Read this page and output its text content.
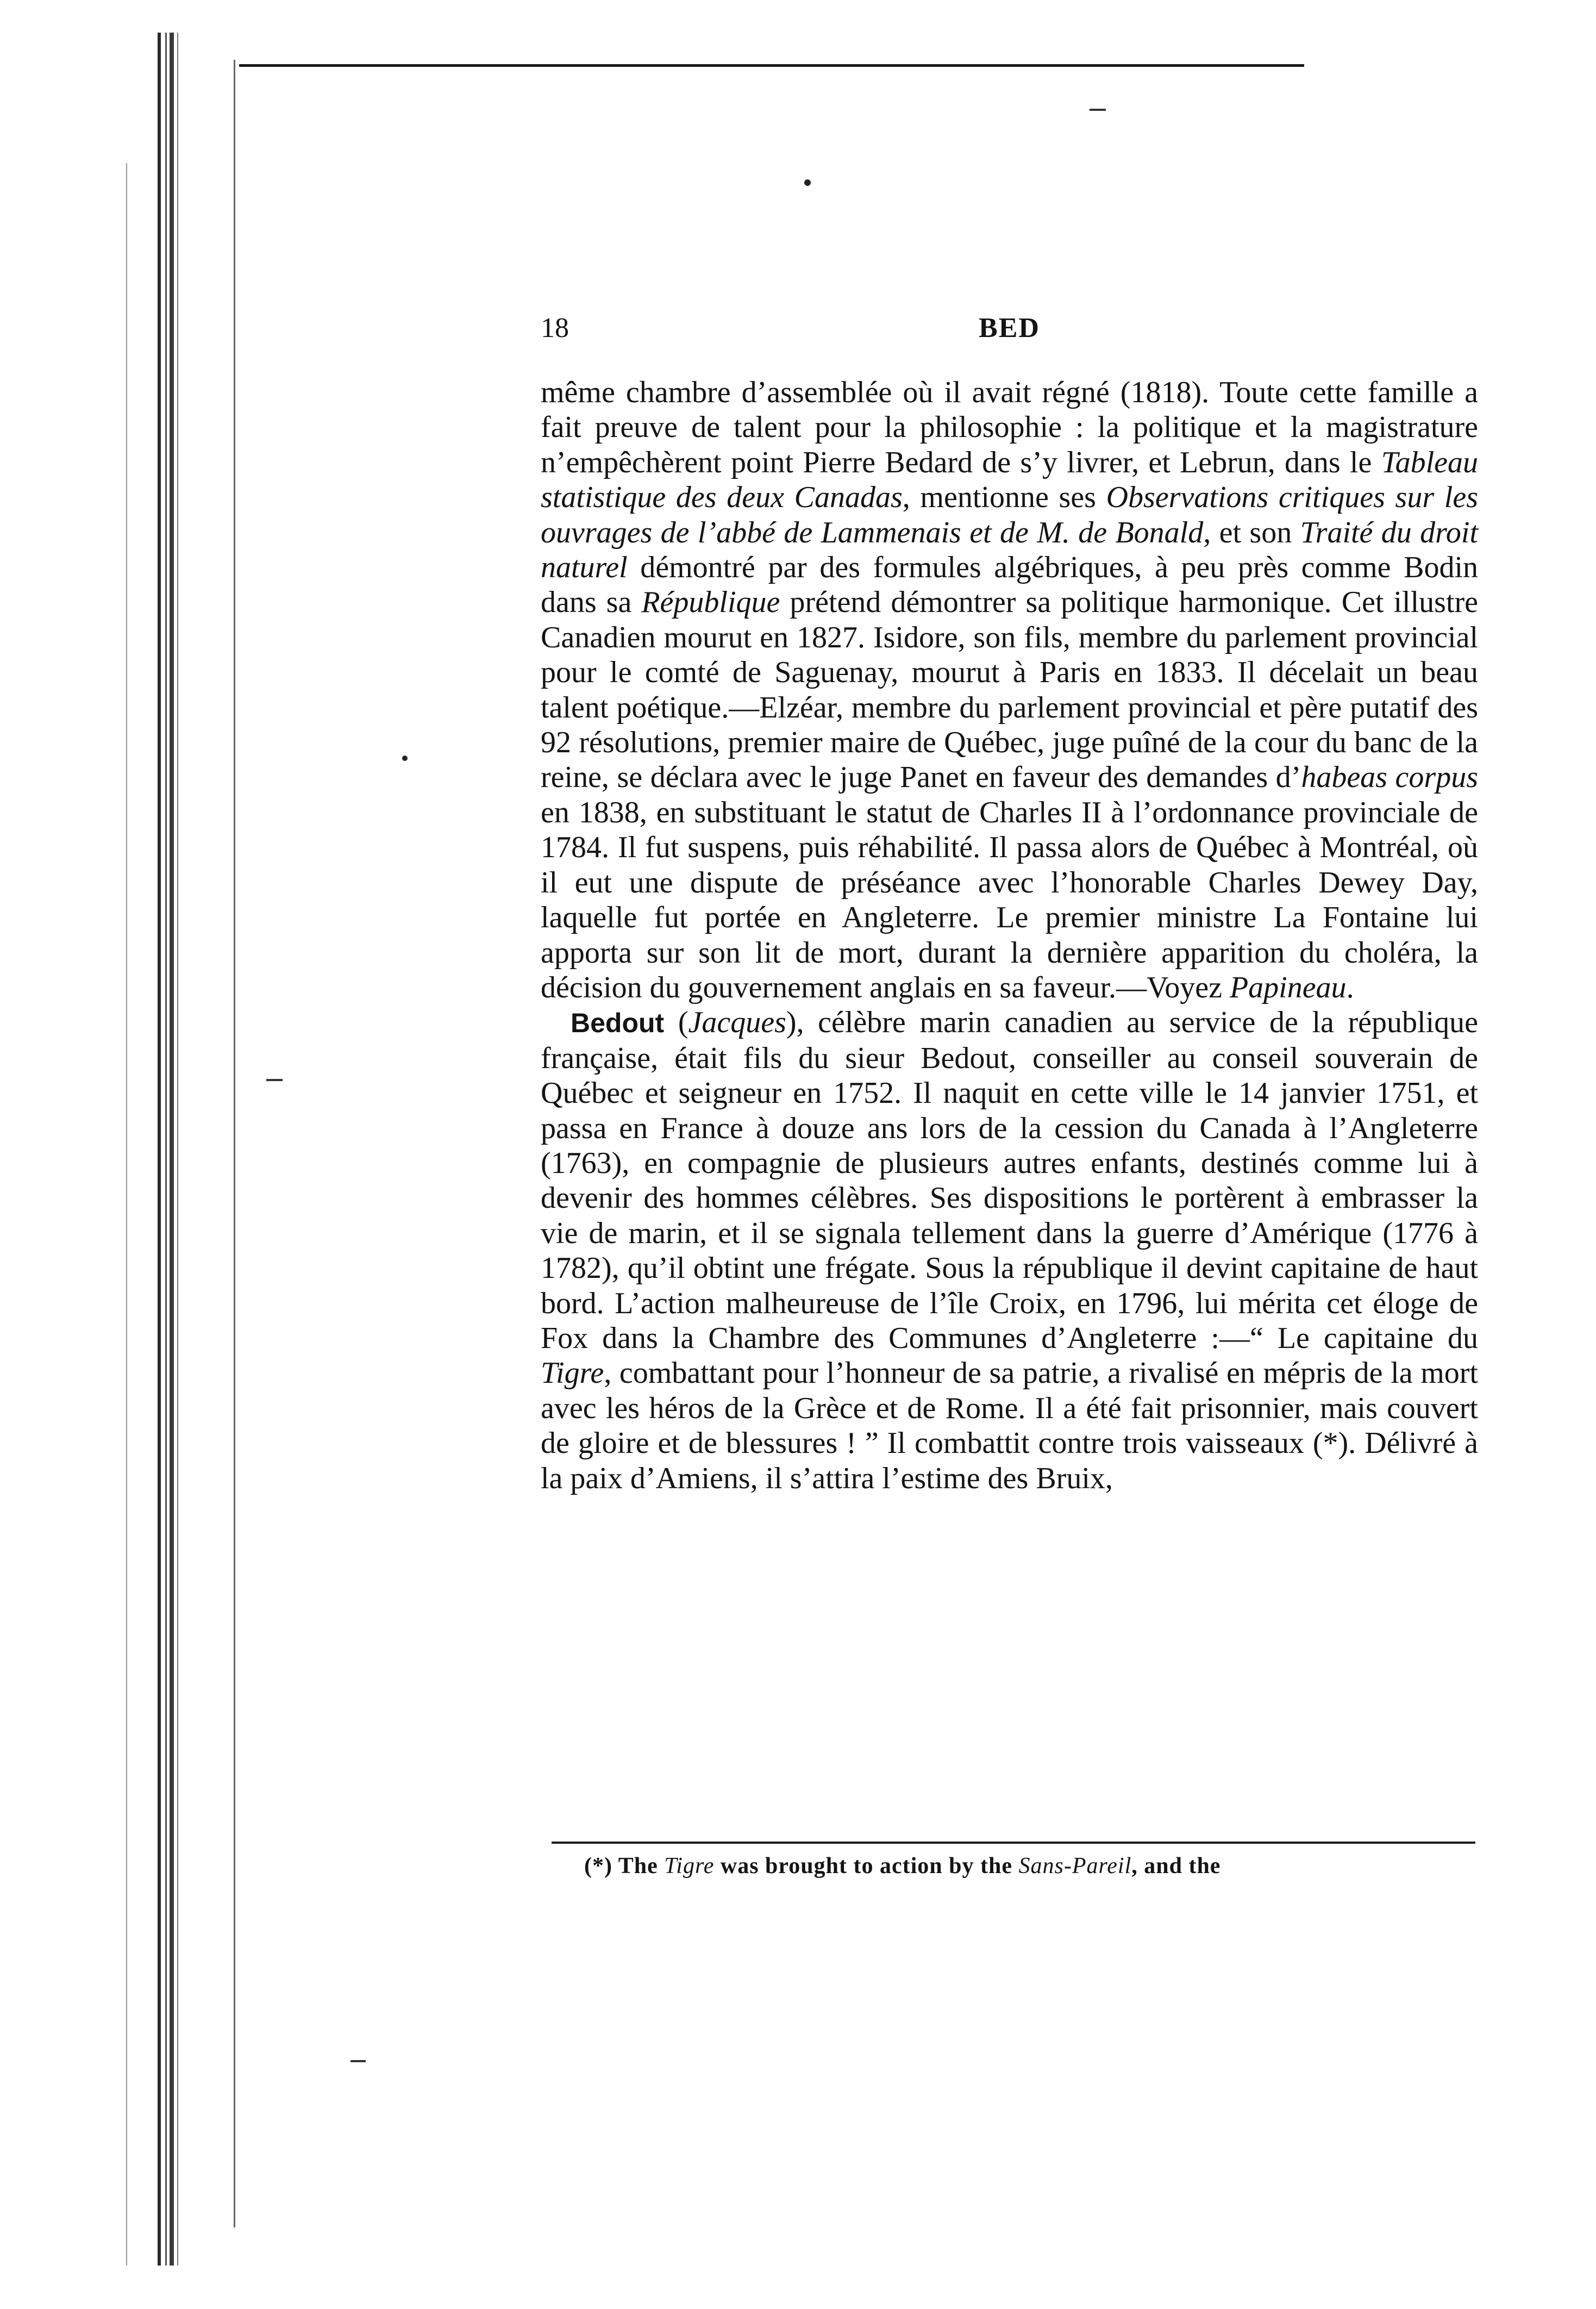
18	BED

même chambre d’assemblée où il avait régné (1818). Toute cette famille a fait preuve de talent pour la philosophie : la politique et la magistrature n’empêchèrent point Pierre Bedard de s’y livrer, et Lebrun, dans le Tableau statistique des deux Canadas, mentionne ses Observations critiques sur les ouvrages de l’abbé de Lammenais et de M. de Bonald, et son Traité du droit naturel démontré par des formules algébriques, à peu près comme Bodin dans sa République prétend démontrer sa politique harmonique. Cet illustre Canadien mourut en 1827. Isidore, son fils, membre du parlement provincial pour le comté de Saguenay, mourut à Paris en 1833. Il décelait un beau talent poétique.—Elzéar, membre du parlement provincial et père putatif des 92 résolutions, premier maire de Québec, juge puîné de la cour du banc de la reine, se déclara avec le juge Panet en faveur des demandes d’habeas corpus en 1838, en substituant le statut de Charles II à l’ordonnance provinciale de 1784. Il fut suspens, puis réhabilité. Il passa alors de Québec à Montréal, où il eut une dispute de préséance avec l’honorable Charles Dewey Day, laquelle fut portée en Angleterre. Le premier ministre La Fontaine lui apporta sur son lit de mort, durant la dernière apparition du choléra, la décision du gouvernement anglais en sa faveur.—Voyez Papineau.

Bedout (Jacques), célèbre marin canadien au service de la république française, était fils du sieur Bedout, conseiller au conseil souverain de Québec et seigneur en 1752. Il naquit en cette ville le 14 janvier 1751, et passa en France à douze ans lors de la cession du Canada à l’Angleterre (1763), en compagnie de plusieurs autres enfants, destinés comme lui à devenir des hommes célèbres. Ses dispositions le portèrent à embrasser la vie de marin, et il se signala tellement dans la guerre d’Amérique (1776 à 1782), qu’il obtint une frégate. Sous la république il devint capitaine de haut bord. L’action malheureuse de l’île Croix, en 1796, lui mérita cet éloge de Fox dans la Chambre des Communes d’Angleterre :—“ Le capitaine du Tigre, combattant pour l’honneur de sa patrie, a rivalisé en mépris de la mort avec les héros de la Grèce et de Rome. Il a été fait prisonnier, mais couvert de gloire et de blessures ! ” Il combattit contre trois vaisseaux (*). Délivré à la paix d’Amiens, il s’attira l’estime des Bruix,

(*) The Tigre was brought to action by the Sans-Pareil, and the
